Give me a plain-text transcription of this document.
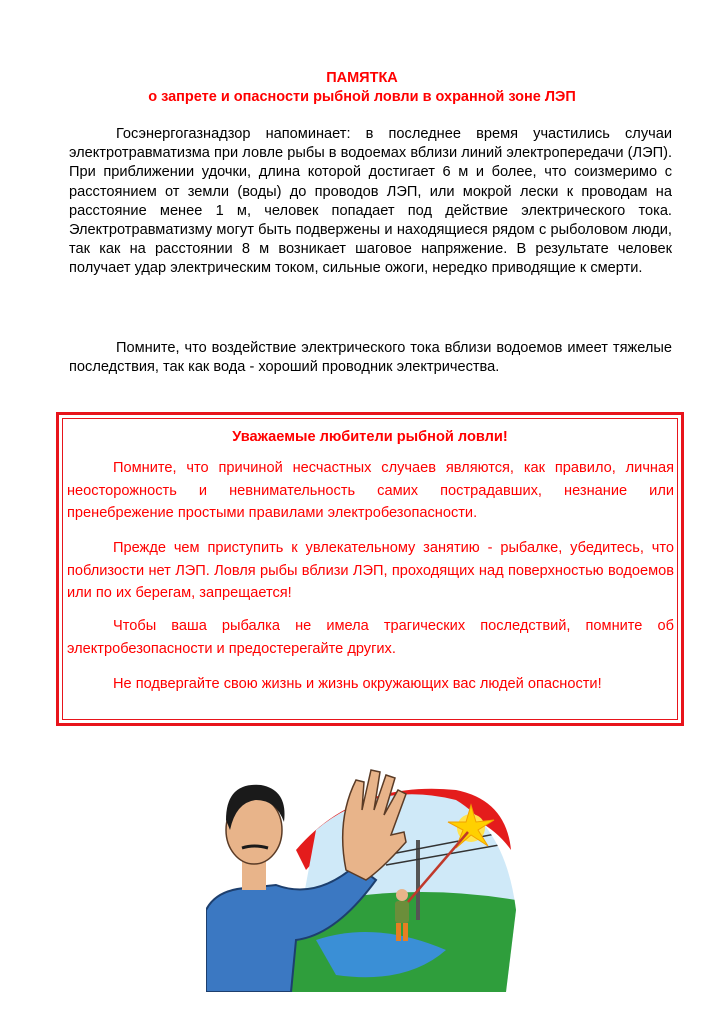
ПАМЯТКА
о запрете и опасности рыбной ловли в охранной зоне ЛЭП

Госэнергогазнадзор напоминает: в последнее время участились случаи электротравматизма при ловле рыбы в водоемах вблизи линий электропередачи (ЛЭП). При приближении удочки, длина которой достигает 6 м и более, что соизмеримо с расстоянием от земли (воды) до проводов ЛЭП, или мокрой лески к проводам на расстояние менее 1 м, человек попадает под действие электрического тока. Электротравматизму могут быть подвержены и находящиеся рядом с рыболовом люди, так как на расстоянии 8 м возникает шаговое напряжение. В результате человек получает удар электрическим током, сильные ожоги, нередко приводящие к смерти.

Помните, что воздействие электрического тока вблизи водоемов имеет тяжелые последствия, так как вода - хороший проводник электричества.

Уважаемые любители рыбной ловли!

Помните, что причиной несчастных случаев являются, как правило, личная неосторожность и невнимательность самих пострадавших, незнание или пренебрежение простыми правилами электробезопасности.

Прежде чем приступить к увлекательному занятию - рыбалке, убедитесь, что поблизости нет ЛЭП. Ловля рыбы вблизи ЛЭП, проходящих над поверхностью водоемов или по их берегам, запрещается!

Чтобы ваша рыбалка не имела трагических последствий, помните об электробезопасности и предостерегайте других.

Не подвергайте свою жизнь и жизнь окружающих вас людей опасности!
